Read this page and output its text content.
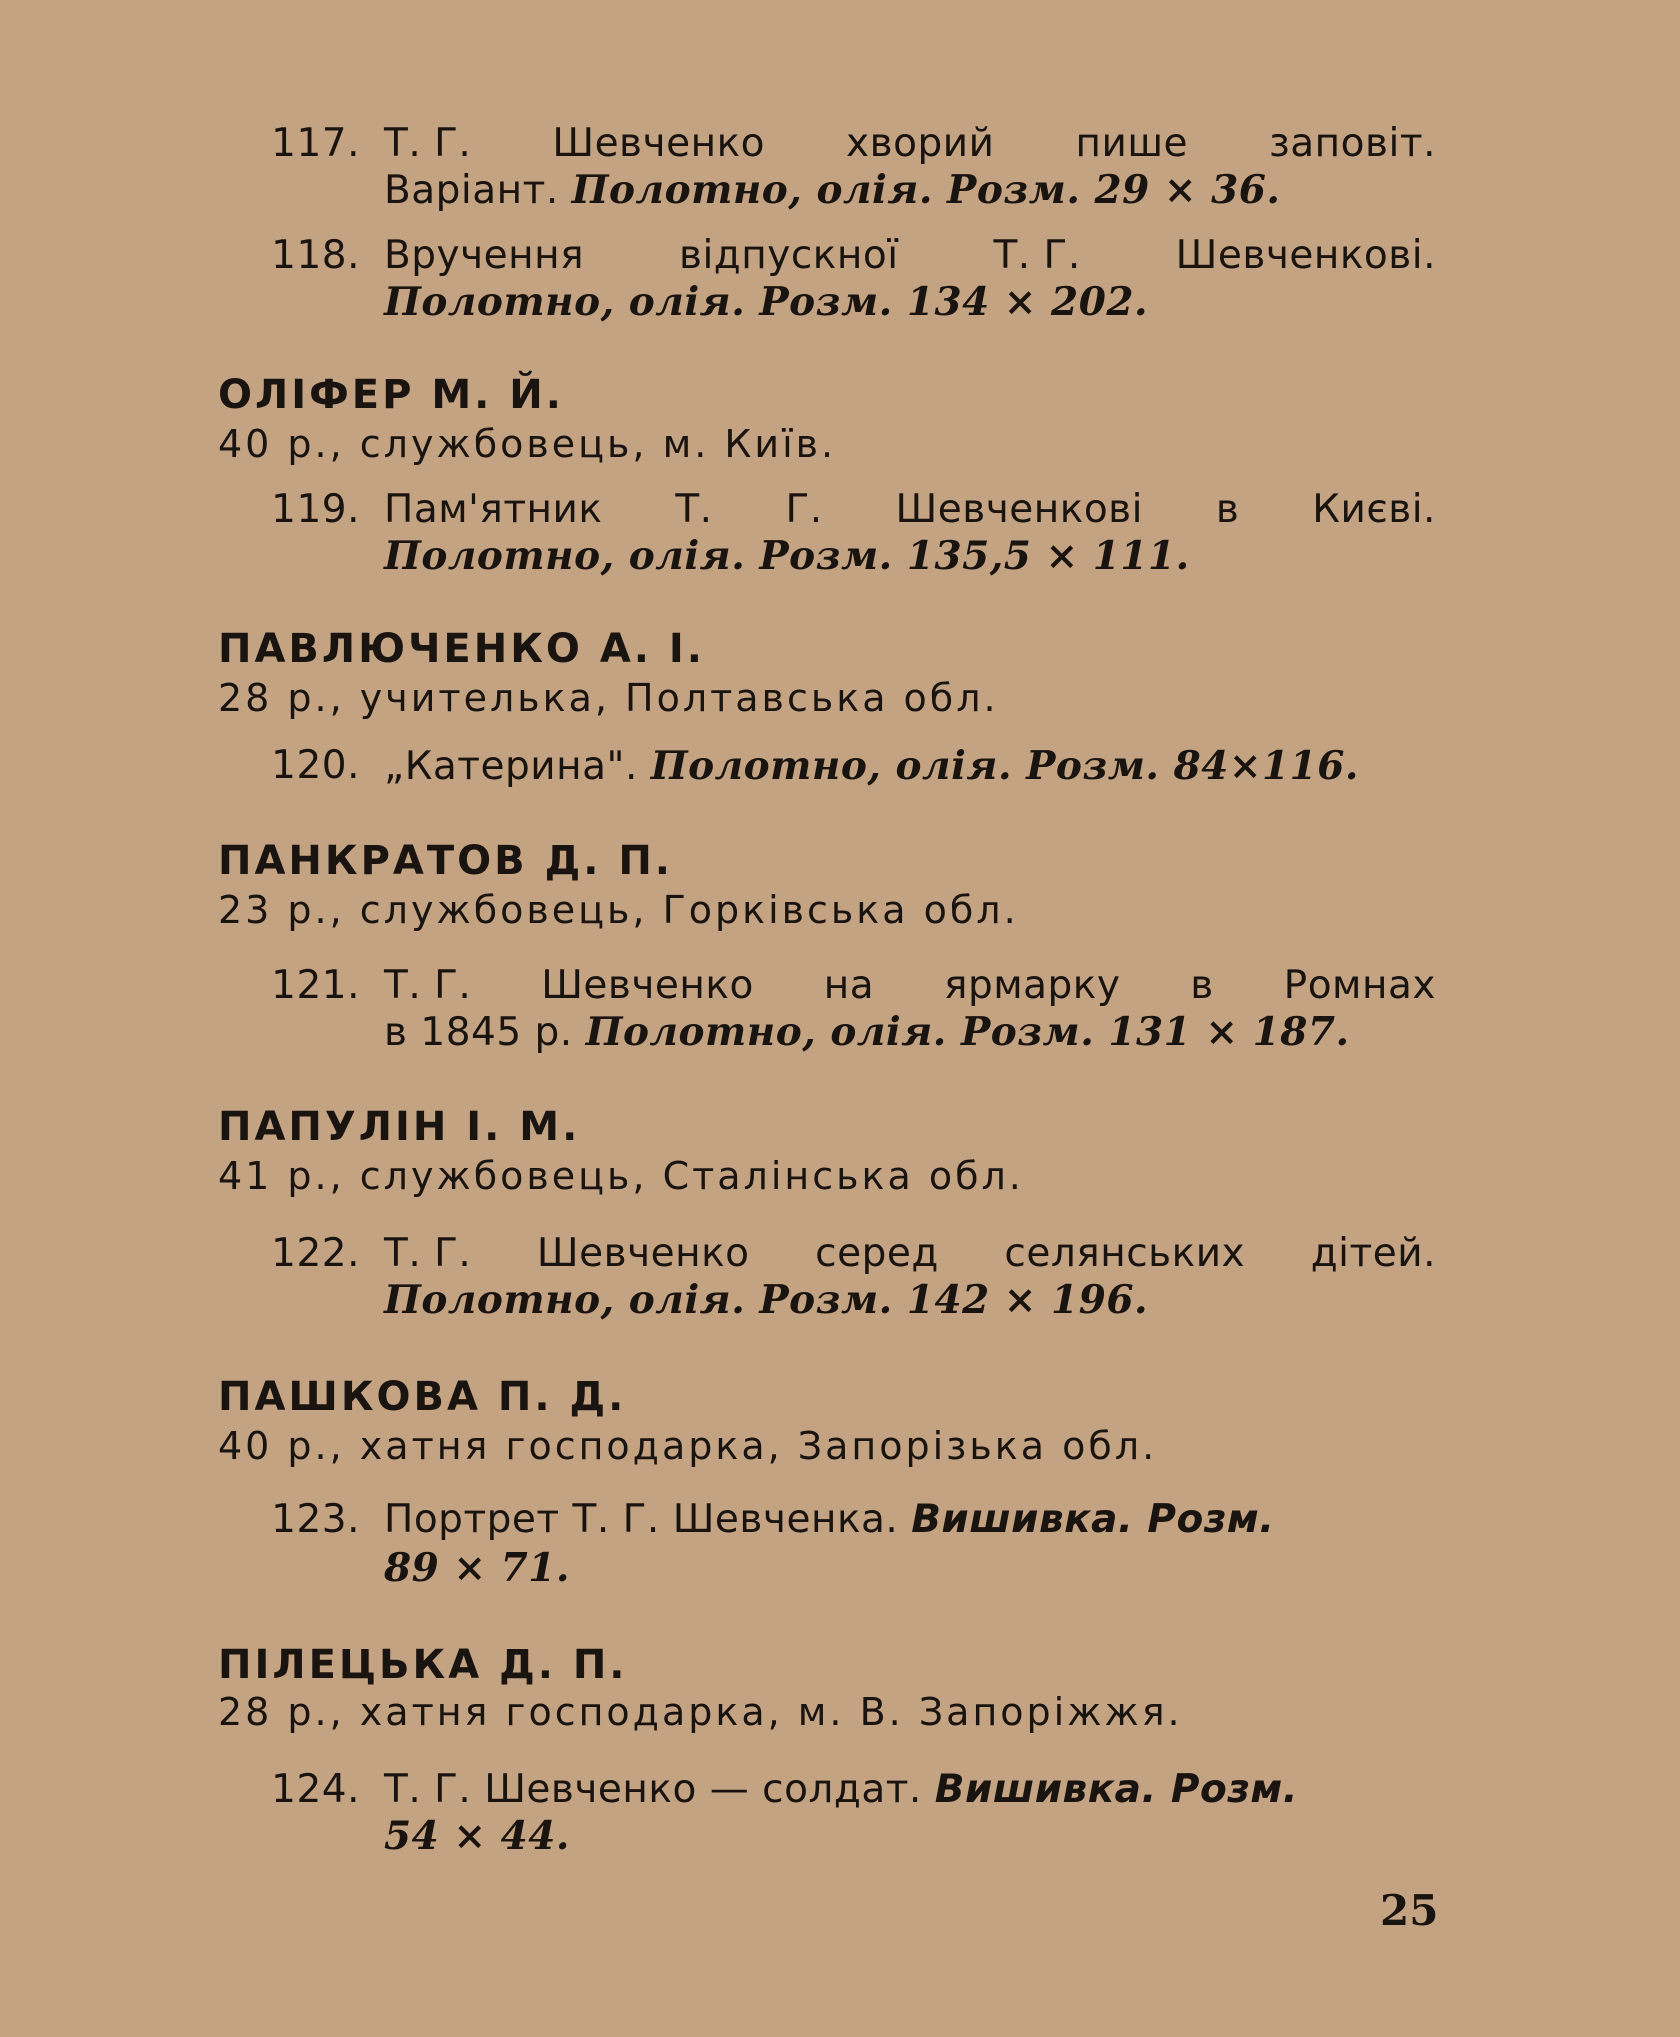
117. Т. Г. Шевченко хворий пише заповіт.
Варіант. Полотно, олія. Розм. 29 × 36.
118. Вручення відпускної Т. Г. Шевченкові.
Полотно, олія. Розм. 134 × 202.
ОЛІФЕР М. Й.
40 р., службовець, м. Київ.
119. Пам'ятник Т. Г. Шевченкові в Києві.
Полотно, олія. Розм. 135,5 × 111.
ПАВЛЮЧЕНКО А. І.
28 р., учителька, Полтавська обл.
120. „Катерина". Полотно, олія. Розм. 84×116.
ПАНКРАТОВ Д. П.
23 р., службовець, Горківська обл.
121. Т. Г. Шевченко на ярмарку в Ромнах
в 1845 р. Полотно, олія. Розм. 131 × 187.
ПАПУЛІН І. М.
41 р., службовець, Сталінська обл.
122. Т. Г. Шевченко серед селянських дітей.
Полотно, олія. Розм. 142 × 196.
ПАШКОВА П. Д.
40 р., хатня господарка, Запорізька обл.
123. Портрет Т. Г. Шевченка. Вишивка. Розм.
89 × 71.
ПІЛЕЦЬКА Д. П.
28 р., хатня господарка, м. В. Запоріжжя.
124. Т. Г. Шевченко — солдат. Вишивка. Розм.
54 × 44.
25
